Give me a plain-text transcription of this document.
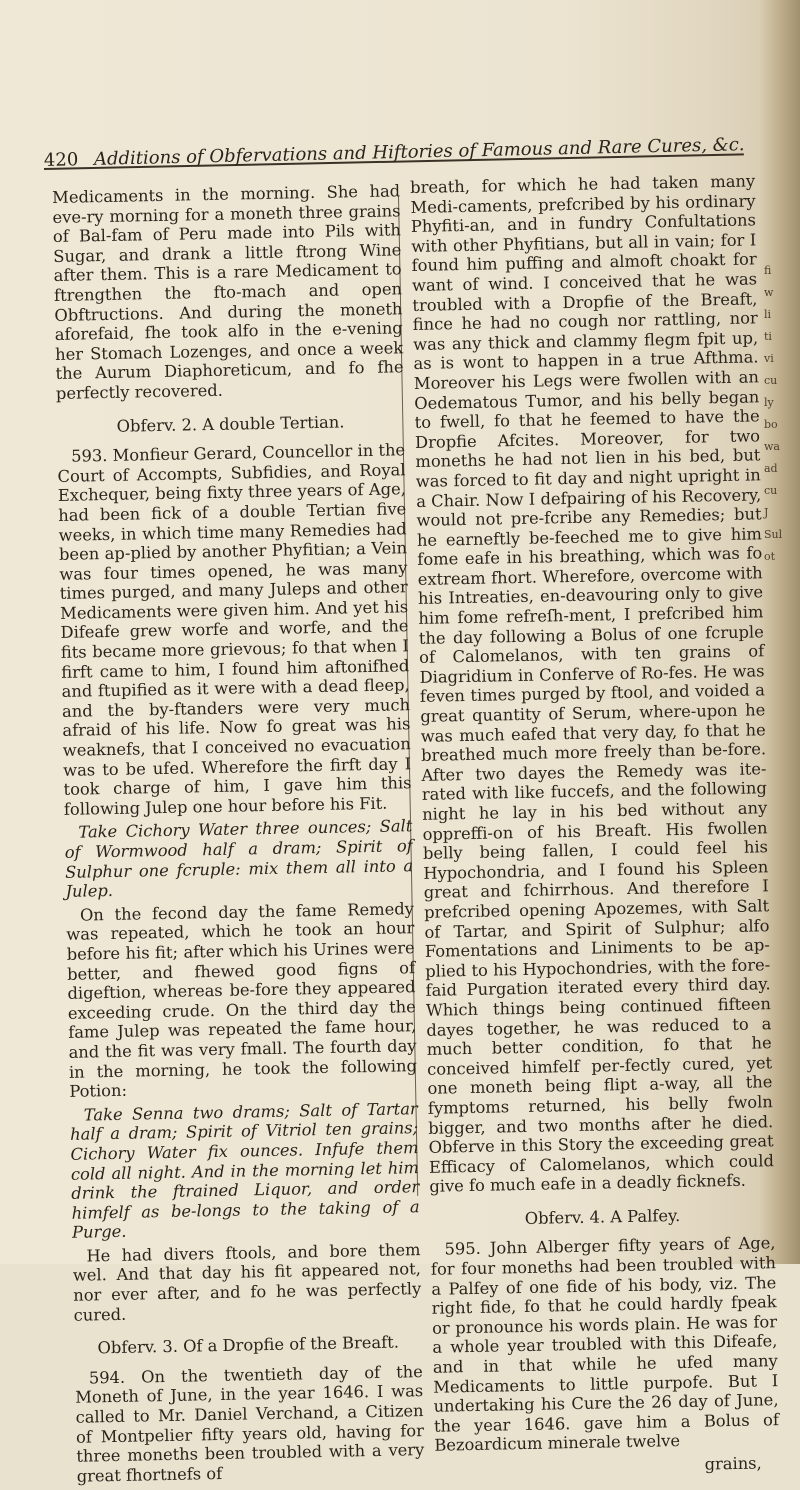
420 Additions of Obfervations and Hiftories of Famous and Rare Cures, &c.

Medicaments in the morning. She had eve-ry morning for a moneth three grains of Bal-fam of Peru made into Pils with Sugar, and drank a little ftrong Wine after them. This is a rare Medicament to ftrengthen the fto-mach and open Obftructions. And during the moneth aforefaid, fhe took alfo in the e-vening her Stomach Lozenges, and once a week the Aurum Diaphoreticum, and fo fhe perfectly recovered.

Obferv. 2. A double Tertian.

593. Monfieur Gerard, Councellor in the Court of Accompts, Subfidies, and Royal Exchequer, being fixty three years of Age, had been fick of a double Tertian five weeks, in which time many Remedies had been ap-plied by another Phyfitian; a Vein was four times opened, he was many times purged, and many Juleps and other Medicaments were given him. And yet his Difeafe grew worfe and worfe, and the fits became more grievous; fo that when I firft came to him, I found him aftonifhed and ftupified as it were with a dead fleep, and the by-ftanders were very much afraid of his life. Now fo great was his weaknefs, that I conceived no evacuation was to be ufed. Wherefore the firft day I took charge of him, I gave him this following Julep one hour before his Fit.

Take Cichory Water three ounces; Salt of Wormwood half a dram; Spirit of Sulphur one fcruple: mix them all into a Julep.

On the fecond day the fame Remedy was repeated, which he took an hour before his fit; after which his Urines were better, and fhewed good figns of digeftion, whereas be-fore they appeared exceeding crude. On the third day the fame Julep was repeated the fame hour, and the fit was very fmall. The fourth day in the morning, he took the following Potion:

Take Senna two drams; Salt of Tartar half a dram; Spirit of Vitriol ten grains; Cichory Water fix ounces. Infufe them cold all night. And in the morning let him drink the ftrained Liquor, and order himfelf as be-longs to the taking of a Purge.

He had divers ftools, and bore them wel. And that day his fit appeared not, nor ever after, and fo he was perfectly cured.

Obferv. 3. Of a Dropfie of the Breaft.

594. On the twentieth day of the Moneth of June, in the year 1646. I was called to Mr. Daniel Verchand, a Citizen of Montpelier fifty years old, having for three moneths been troubled with a very great fhortnefs of

breath, for which he had taken many Medi-caments, prefcribed by his ordinary Phyfiti-an, and in fundry Confultations with other Phyfitians, but all in vain; for I found him puffing and almoft choakt for want of wind. I conceived that he was troubled with a Dropfie of the Breaft, fince he had no cough nor rattling, nor was any thick and clammy flegm fpit up, as is wont to happen in a true Afthma. Moreover his Legs were fwollen with an Oedematous Tumor, and his belly began to fwell, fo that he feemed to have the Dropfie Afcites. Moreover, for two moneths he had not lien in his bed, but was forced to fit day and night upright in a Chair. Now I defpairing of his Recovery, would not pre-fcribe any Remedies; but he earneftly be-feeched me to give him fome eafe in his breathing, which was fo extream fhort. Wherefore, overcome with his Intreaties, en-deavouring only to give him fome refreſh-ment, I prefcribed him the day following a Bolus of one fcruple of Calomelanos, with ten grains of Diagridium in Conferve of Ro-fes. He was feven times purged by ftool, and voided a great quantity of Serum, where-upon he was much eafed that very day, fo that he breathed much more freely than be-fore. After two dayes the Remedy was ite-rated with like fuccefs, and the following night he lay in his bed without any oppreffi-on of his Breaft. His fwollen belly being fallen, I could feel his Hypochondria, and I found his Spleen great and fchirrhous. And therefore I prefcribed opening Apozemes, with Salt of Tartar, and Spirit of Sulphur; alfo Fomentations and Liniments to be ap-plied to his Hypochondries, with the fore-faid Purgation iterated every third day. Which things being continued fifteen dayes together, he was reduced to a much better condition, fo that he conceived himfelf per-fectly cured, yet one moneth being flipt a-way, all the fymptoms returned, his belly fwoln bigger, and two months after he died. Obferve in this Story the exceeding great Efficacy of Calomelanos, which could give fo much eafe in a deadly ficknefs.

Obferv. 4. A Palfey.

595. John Alberger fifty years of Age, for four moneths had been troubled with a Palfey of one fide of his body, viz. The right fide, fo that he could hardly fpeak or pronounce his words plain. He was for a whole year troubled with this Difeafe, and in that while he ufed many Medicaments to little purpofe. But I undertaking his Cure the 26 day of June, the year 1646. gave him a Bolus of Bezoardicum minerale twelve

grains,

fi
w
li
ti
vi
cu
ly
bo
wa
ad
cu
J
Sul
ot
